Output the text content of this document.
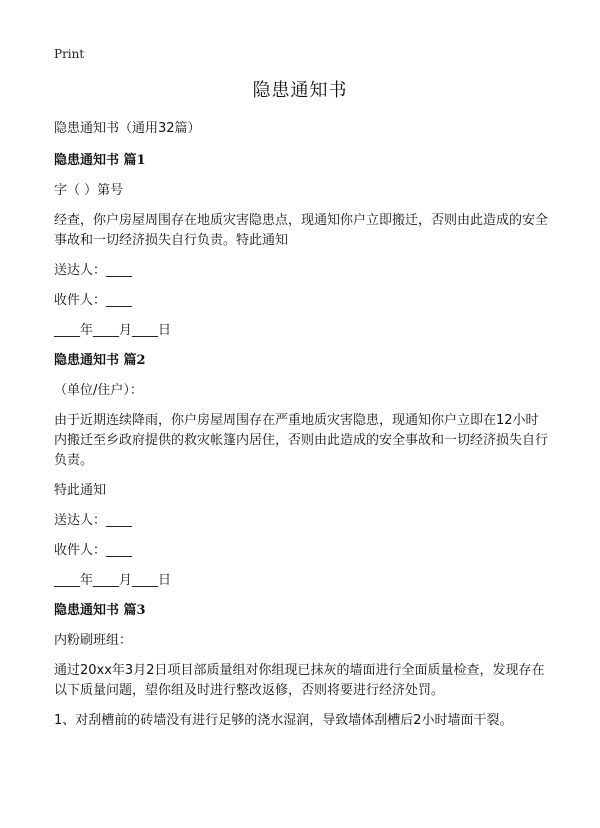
Print
隐患通知书

隐患通知书（通用32篇）

隐患通知书 篇1

字（ ）第号

经查，你户房屋周围存在地质灾害隐患点，现通知你户立即搬迁，否则由此造成的安全事故和一切经济损失自行负责。特此通知

送达人：____

收件人：____

____年____月____日

隐患通知书 篇2

（单位/住户）：

由于近期连续降雨，你户房屋周围存在严重地质灾害隐患，现通知你户立即在12小时内搬迁至乡政府提供的救灾帐篷内居住，否则由此造成的安全事故和一切经济损失自行负责。

特此通知

送达人：____

收件人：____

____年____月____日

隐患通知书 篇3

内粉刷班组：

通过20xx年3月2日项目部质量组对你组现已抹灰的墙面进行全面质量检查，发现存在以下质量问题，望你组及时进行整改返修，否则将要进行经济处罚。

1、对刮槽前的砖墙没有进行足够的浇水湿润，导致墙体刮槽后2小时墙面干裂。
